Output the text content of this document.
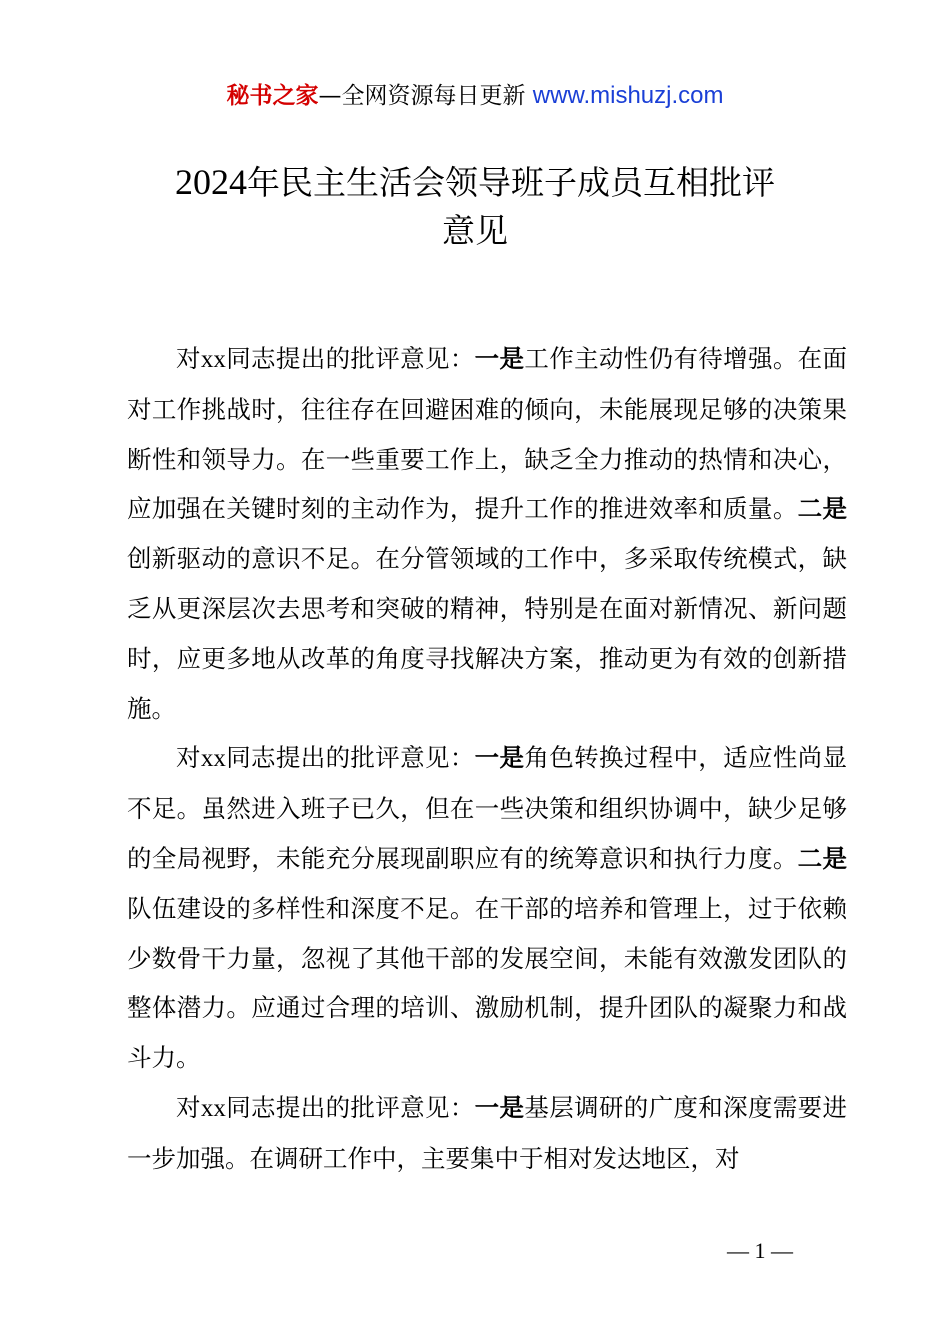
秘书之家—全网资源每日更新 www.mishuzj.com
2024年民主生活会领导班子成员互相批评
意见

对xx同志提出的批评意见：一是工作主动性仍有待增强。在面对工作挑战时，往往存在回避困难的倾向，未能展现足够的决策果断性和领导力。在一些重要工作上，缺乏全力推动的热情和决心，应加强在关键时刻的主动作为，提升工作的推进效率和质量。二是创新驱动的意识不足。在分管领域的工作中，多采取传统模式，缺乏从更深层次去思考和突破的精神，特别是在面对新情况、新问题时，应更多地从改革的角度寻找解决方案，推动更为有效的创新措施。

对xx同志提出的批评意见：一是角色转换过程中，适应性尚显不足。虽然进入班子已久，但在一些决策和组织协调中，缺少足够的全局视野，未能充分展现副职应有的统筹意识和执行力度。二是队伍建设的多样性和深度不足。在干部的培养和管理上，过于依赖少数骨干力量，忽视了其他干部的发展空间，未能有效激发团队的整体潜力。应通过合理的培训、激励机制，提升团队的凝聚力和战斗力。

对xx同志提出的批评意见：一是基层调研的广度和深度需要进一步加强。在调研工作中，主要集中于相对发达地区，对

— 1 —
